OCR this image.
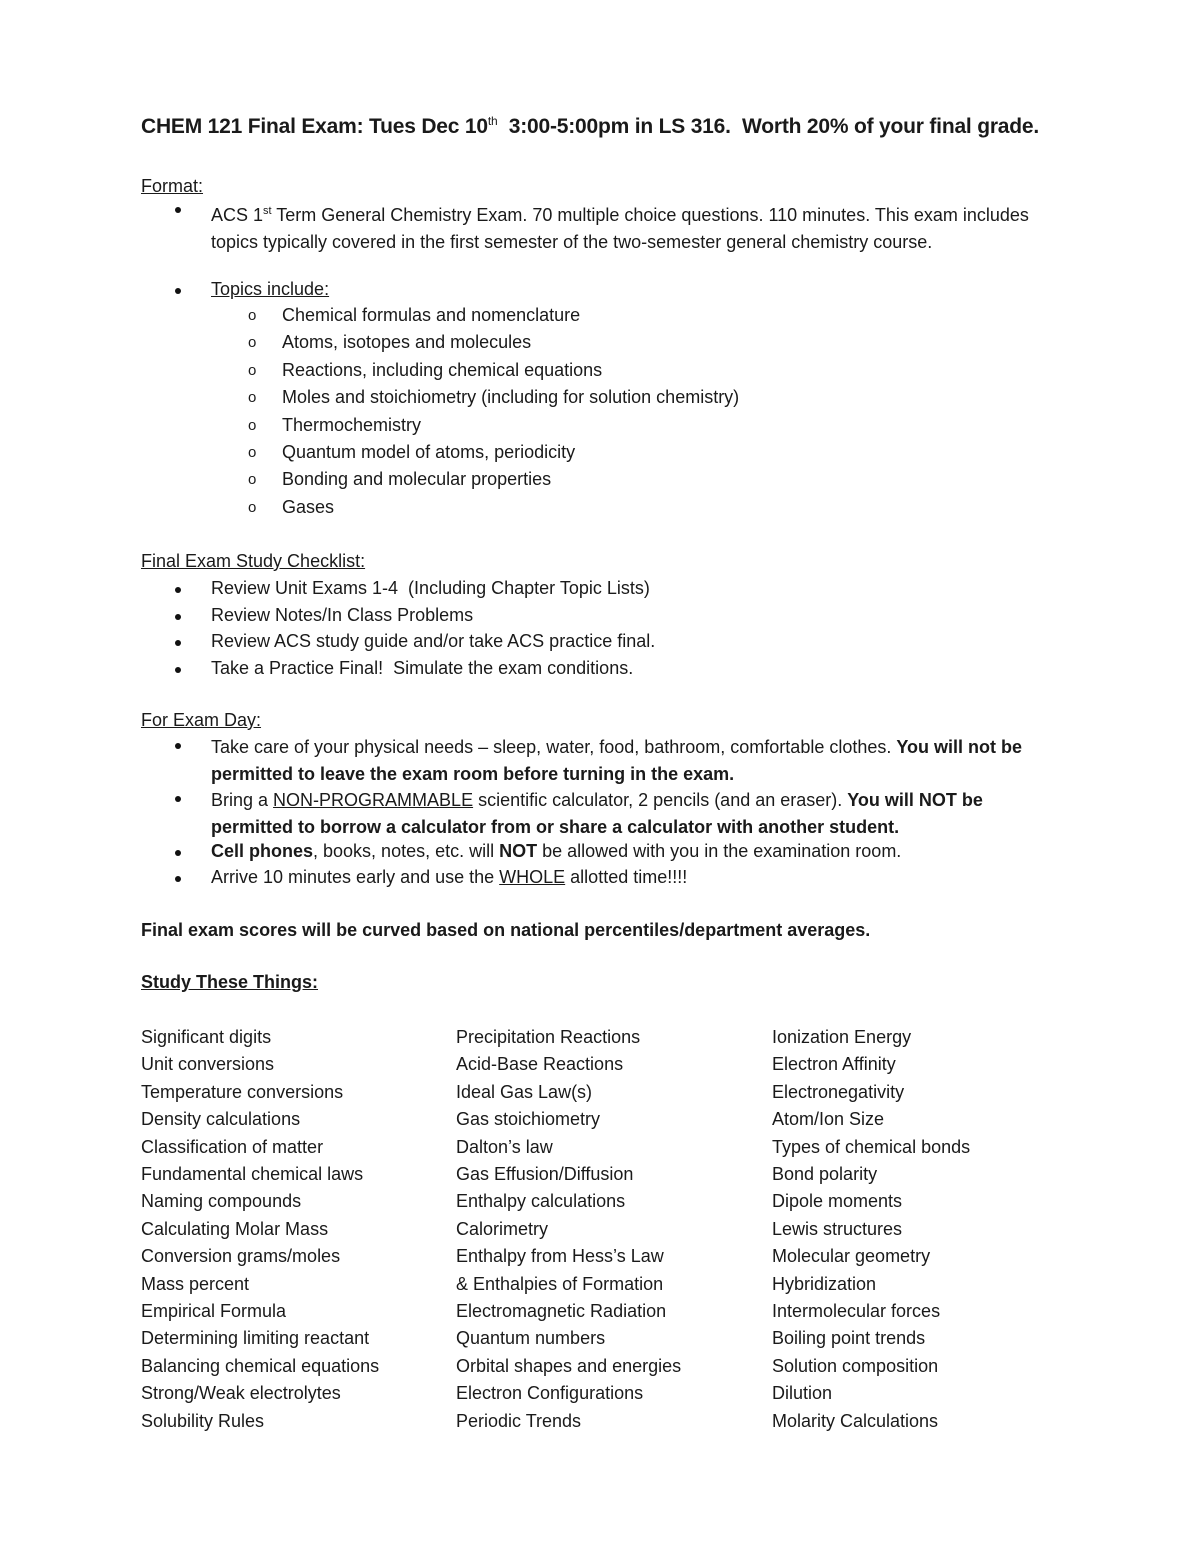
CHEM 121 Final Exam: Tues Dec 10th  3:00-5:00pm in LS 316.  Worth 20% of your final grade.
Format:
ACS 1st Term General Chemistry Exam. 70 multiple choice questions. 110 minutes. This exam includes topics typically covered in the first semester of the two-semester general chemistry course.
Topics include:
o Chemical formulas and nomenclature
o Atoms, isotopes and molecules
o Reactions, including chemical equations
o Moles and stoichiometry (including for solution chemistry)
o Thermochemistry
o Quantum model of atoms, periodicity
o Bonding and molecular properties
o Gases
Final Exam Study Checklist:
Review Unit Exams 1-4  (Including Chapter Topic Lists)
Review Notes/In Class Problems
Review ACS study guide and/or take ACS practice final.
Take a Practice Final!  Simulate the exam conditions.
For Exam Day:
Take care of your physical needs – sleep, water, food, bathroom, comfortable clothes. You will not be permitted to leave the exam room before turning in the exam.
Bring a NON-PROGRAMMABLE scientific calculator, 2 pencils (and an eraser). You will NOT be permitted to borrow a calculator from or share a calculator with another student.
Cell phones, books, notes, etc. will NOT be allowed with you in the examination room.
Arrive 10 minutes early and use the WHOLE allotted time!!!!
Final exam scores will be curved based on national percentiles/department averages.
Study These Things:
Significant digits
Unit conversions
Temperature conversions
Density calculations
Classification of matter
Fundamental chemical laws
Naming compounds
Calculating Molar Mass
Conversion grams/moles
Mass percent
Empirical Formula
Determining limiting reactant
Balancing chemical equations
Strong/Weak electrolytes
Solubility Rules
Precipitation Reactions
Acid-Base Reactions
Ideal Gas Law(s)
Gas stoichiometry
Dalton’s law
Gas Effusion/Diffusion
Enthalpy calculations
Calorimetry
Enthalpy from Hess’s Law
& Enthalpies of Formation
Electromagnetic Radiation
Quantum numbers
Orbital shapes and energies
Electron Configurations
Periodic Trends
Ionization Energy
Electron Affinity
Electronegativity
Atom/Ion Size
Types of chemical bonds
Bond polarity
Dipole moments
Lewis structures
Molecular geometry
Hybridization
Intermolecular forces
Boiling point trends
Solution composition
Dilution
Molarity Calculations
